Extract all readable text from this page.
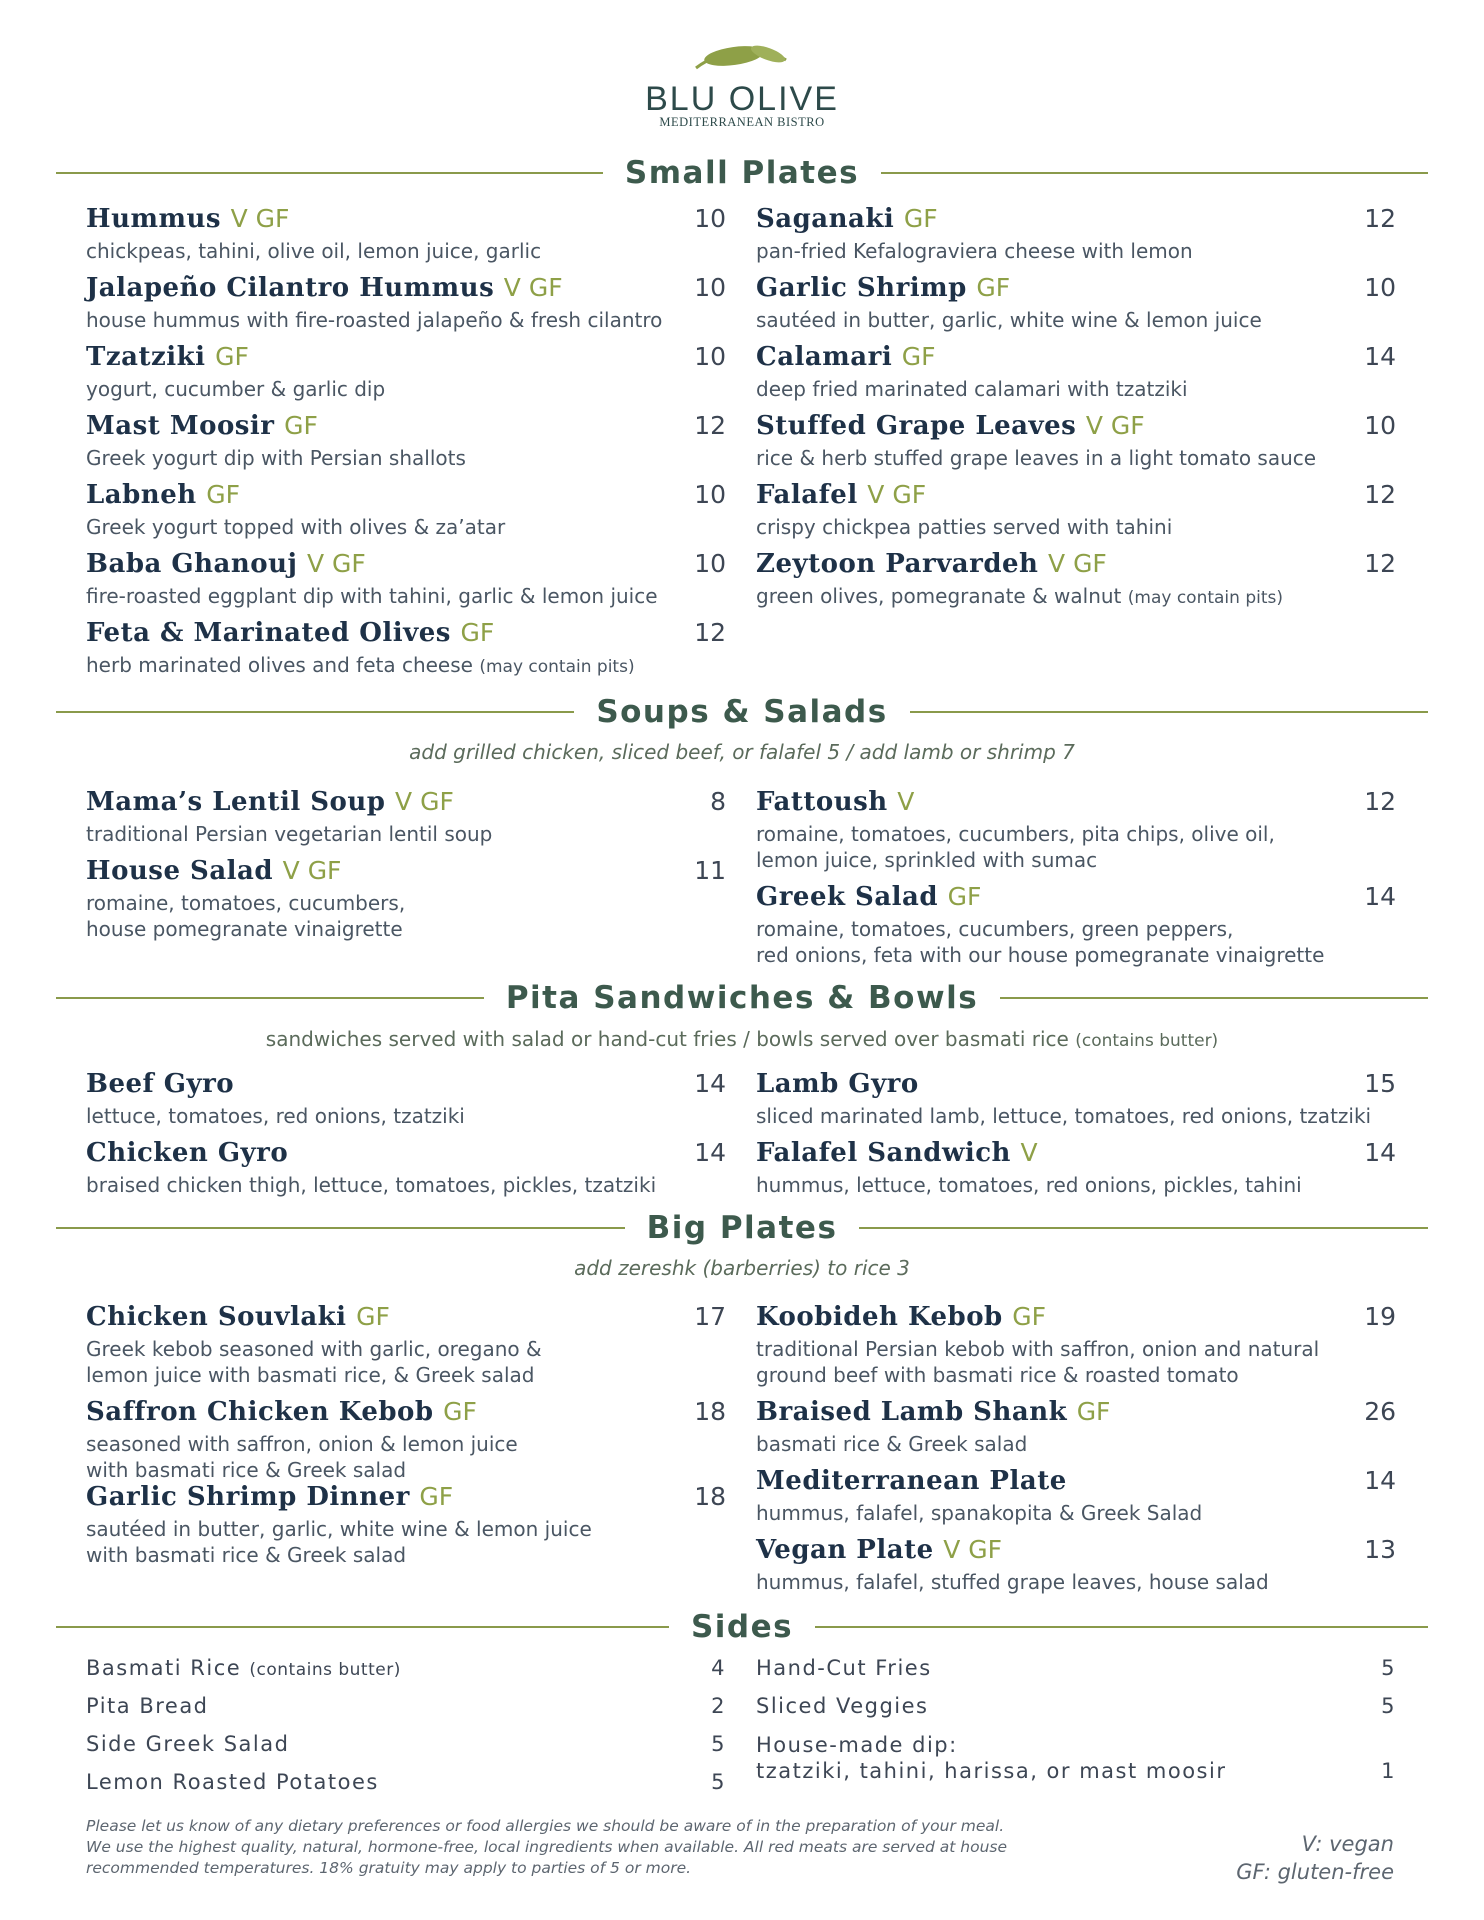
BLU OLIVE
MEDITERRANEAN BISTRO
Small Plates
Hummus V GF	10
chickpeas, tahini, olive oil, lemon juice, garlic
Jalapeño Cilantro Hummus V GF	10
house hummus with fire-roasted jalapeño & fresh cilantro
Tzatziki GF	10
yogurt, cucumber & garlic dip
Mast Moosir GF	12
Greek yogurt dip with Persian shallots
Labneh GF	10
Greek yogurt topped with olives & za’atar
Baba Ghanouj V GF	10
fire-roasted eggplant dip with tahini, garlic & lemon juice
Feta & Marinated Olives GF	12
herb marinated olives and feta cheese (may contain pits)
Saganaki GF	12
pan-fried Kefalograviera cheese with lemon
Garlic Shrimp GF	10
sautéed in butter, garlic, white wine & lemon juice
Calamari GF	14
deep fried marinated calamari with tzatziki
Stuffed Grape Leaves V GF	10
rice & herb stuffed grape leaves in a light tomato sauce
Falafel V GF	12
crispy chickpea patties served with tahini
Zeytoon Parvardeh V GF	12
green olives, pomegranate & walnut (may contain pits)
Soups & Salads
add grilled chicken, sliced beef, or falafel 5 / add lamb or shrimp 7
Mama’s Lentil Soup V GF	8
traditional Persian vegetarian lentil soup
House Salad V GF	11
romaine, tomatoes, cucumbers,
house pomegranate vinaigrette
Fattoush V	12
romaine, tomatoes, cucumbers, pita chips, olive oil,
lemon juice, sprinkled with sumac
Greek Salad GF	14
romaine, tomatoes, cucumbers, green peppers,
red onions, feta with our house pomegranate vinaigrette
Pita Sandwiches & Bowls
sandwiches served with salad or hand-cut fries / bowls served over basmati rice (contains butter)
Beef Gyro	14
lettuce, tomatoes, red onions, tzatziki
Chicken Gyro	14
braised chicken thigh, lettuce, tomatoes, pickles, tzatziki
Lamb Gyro	15
sliced marinated lamb, lettuce, tomatoes, red onions, tzatziki
Falafel Sandwich V	14
hummus, lettuce, tomatoes, red onions, pickles, tahini
Big Plates
add zereshk (barberries) to rice 3
Chicken Souvlaki GF	17
Greek kebob seasoned with garlic, oregano &
lemon juice with basmati rice, & Greek salad
Saffron Chicken Kebob GF	18
seasoned with saffron, onion & lemon juice
with basmati rice & Greek salad
Garlic Shrimp Dinner GF	18
sautéed in butter, garlic, white wine & lemon juice
with basmati rice & Greek salad
Koobideh Kebob GF	19
traditional Persian kebob with saffron, onion and natural
ground beef with basmati rice & roasted tomato
Braised Lamb Shank GF	26
basmati rice & Greek salad
Mediterranean Plate	14
hummus, falafel, spanakopita & Greek Salad
Vegan Plate V GF	13
hummus, falafel, stuffed grape leaves, house salad
Sides
Basmati Rice (contains butter)	4
Pita Bread	2
Side Greek Salad	5
Lemon Roasted Potatoes	5
Hand-Cut Fries	5
Sliced Veggies	5
House-made dip:
tzatziki, tahini, harissa, or mast moosir	1
Please let us know of any dietary preferences or food allergies we should be aware of in the preparation of your meal.
We use the highest quality, natural, hormone-free, local ingredients when available. All red meats are served at house
recommended temperatures. 18% gratuity may apply to parties of 5 or more.
V: vegan
GF: gluten-free
